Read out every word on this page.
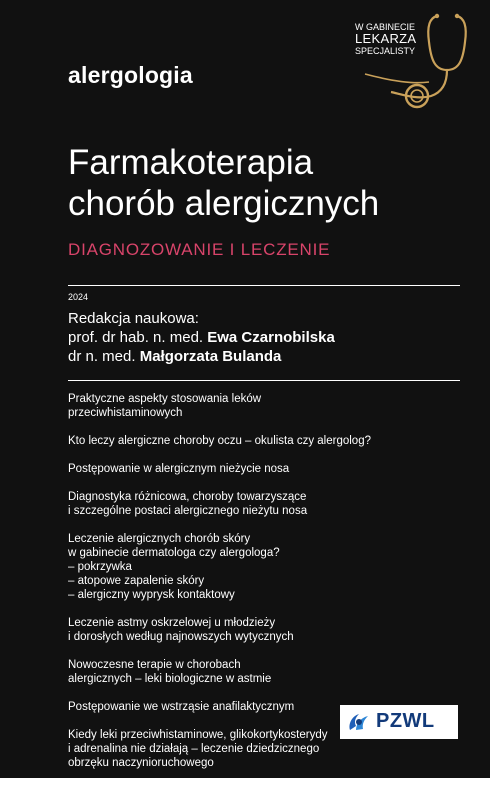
alergologia
W GABINECIE
LEKARZA
SPECJALISTY
Farmakoterapia
chorób alergicznych
DIAGNOZOWANIE I LECZENIE
2024
Redakcja naukowa:
prof. dr hab. n. med. Ewa Czarnobilska
dr n. med. Małgorzata Bulanda
Praktyczne aspekty stosowania leków
przeciwhistaminowych
Kto leczy alergiczne choroby oczu – okulista czy alergolog?
Postępowanie w alergicznym nieżycie nosa
Diagnostyka różnicowa, choroby towarzyszące
i szczególne postaci alergicznego nieżytu nosa
Leczenie alergicznych chorób skóry
w gabinecie dermatologa czy alergologa?
– pokrzywka
– atopowe zapalenie skóry
– alergiczny wyprysk kontaktowy
Leczenie astmy oskrzelowej u młodzieży
i dorosłych według najnowszych wytycznych
Nowoczesne terapie w chorobach
alergicznych – leki biologiczne w astmie
Postępowanie we wstrząsie anafilaktycznym
Kiedy leki przeciwhistaminowe, glikokortykosterydy
i adrenalina nie działają – leczenie dziedzicznego
obrzęku naczynioruchowego
Leki w chorobach alergicznych u dzieci
PZWL
